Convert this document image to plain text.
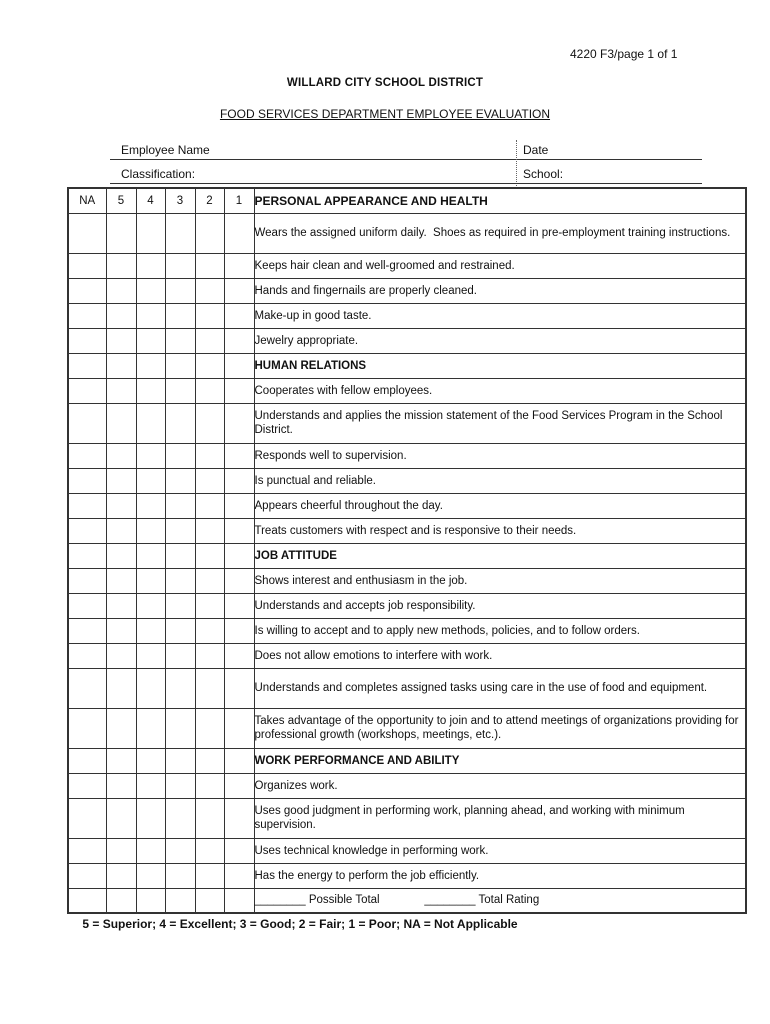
4220 F3/page 1 of 1
WILLARD CITY SCHOOL DISTRICT
FOOD SERVICES DEPARTMENT EMPLOYEE EVALUATION
Employee Name	Date
Classification:	School:
NA	5	4	3	2	1	PERSONAL APPEARANCE AND HEALTH
						Wears the assigned uniform daily.  Shoes as required in pre-employment training instructions.
						Keeps hair clean and well-groomed and restrained.
						Hands and fingernails are properly cleaned.
						Make-up in good taste.
						Jewelry appropriate.
						HUMAN RELATIONS
						Cooperates with fellow employees.
						Understands and applies the mission statement of the Food Services Program in the School District.
						Responds well to supervision.
						Is punctual and reliable.
						Appears cheerful throughout the day.
						Treats customers with respect and is responsive to their needs.
						JOB ATTITUDE
						Shows interest and enthusiasm in the job.
						Understands and accepts job responsibility.
						Is willing to accept and to apply new methods, policies, and to follow orders.
						Does not allow emotions to interfere with work.
						Understands and completes assigned tasks using care in the use of food and equipment.
						Takes advantage of the opportunity to join and to attend meetings of organizations providing for professional growth (workshops, meetings, etc.).
						WORK PERFORMANCE AND ABILITY
						Organizes work.
						Uses good judgment in performing work, planning ahead, and working with minimum supervision.
						Uses technical knowledge in performing work.
						Has the energy to perform the job efficiently.
						________ Possible Total              ________ Total Rating
5 = Superior; 4 = Excellent; 3 = Good; 2 = Fair; 1 = Poor; NA = Not Applicable
